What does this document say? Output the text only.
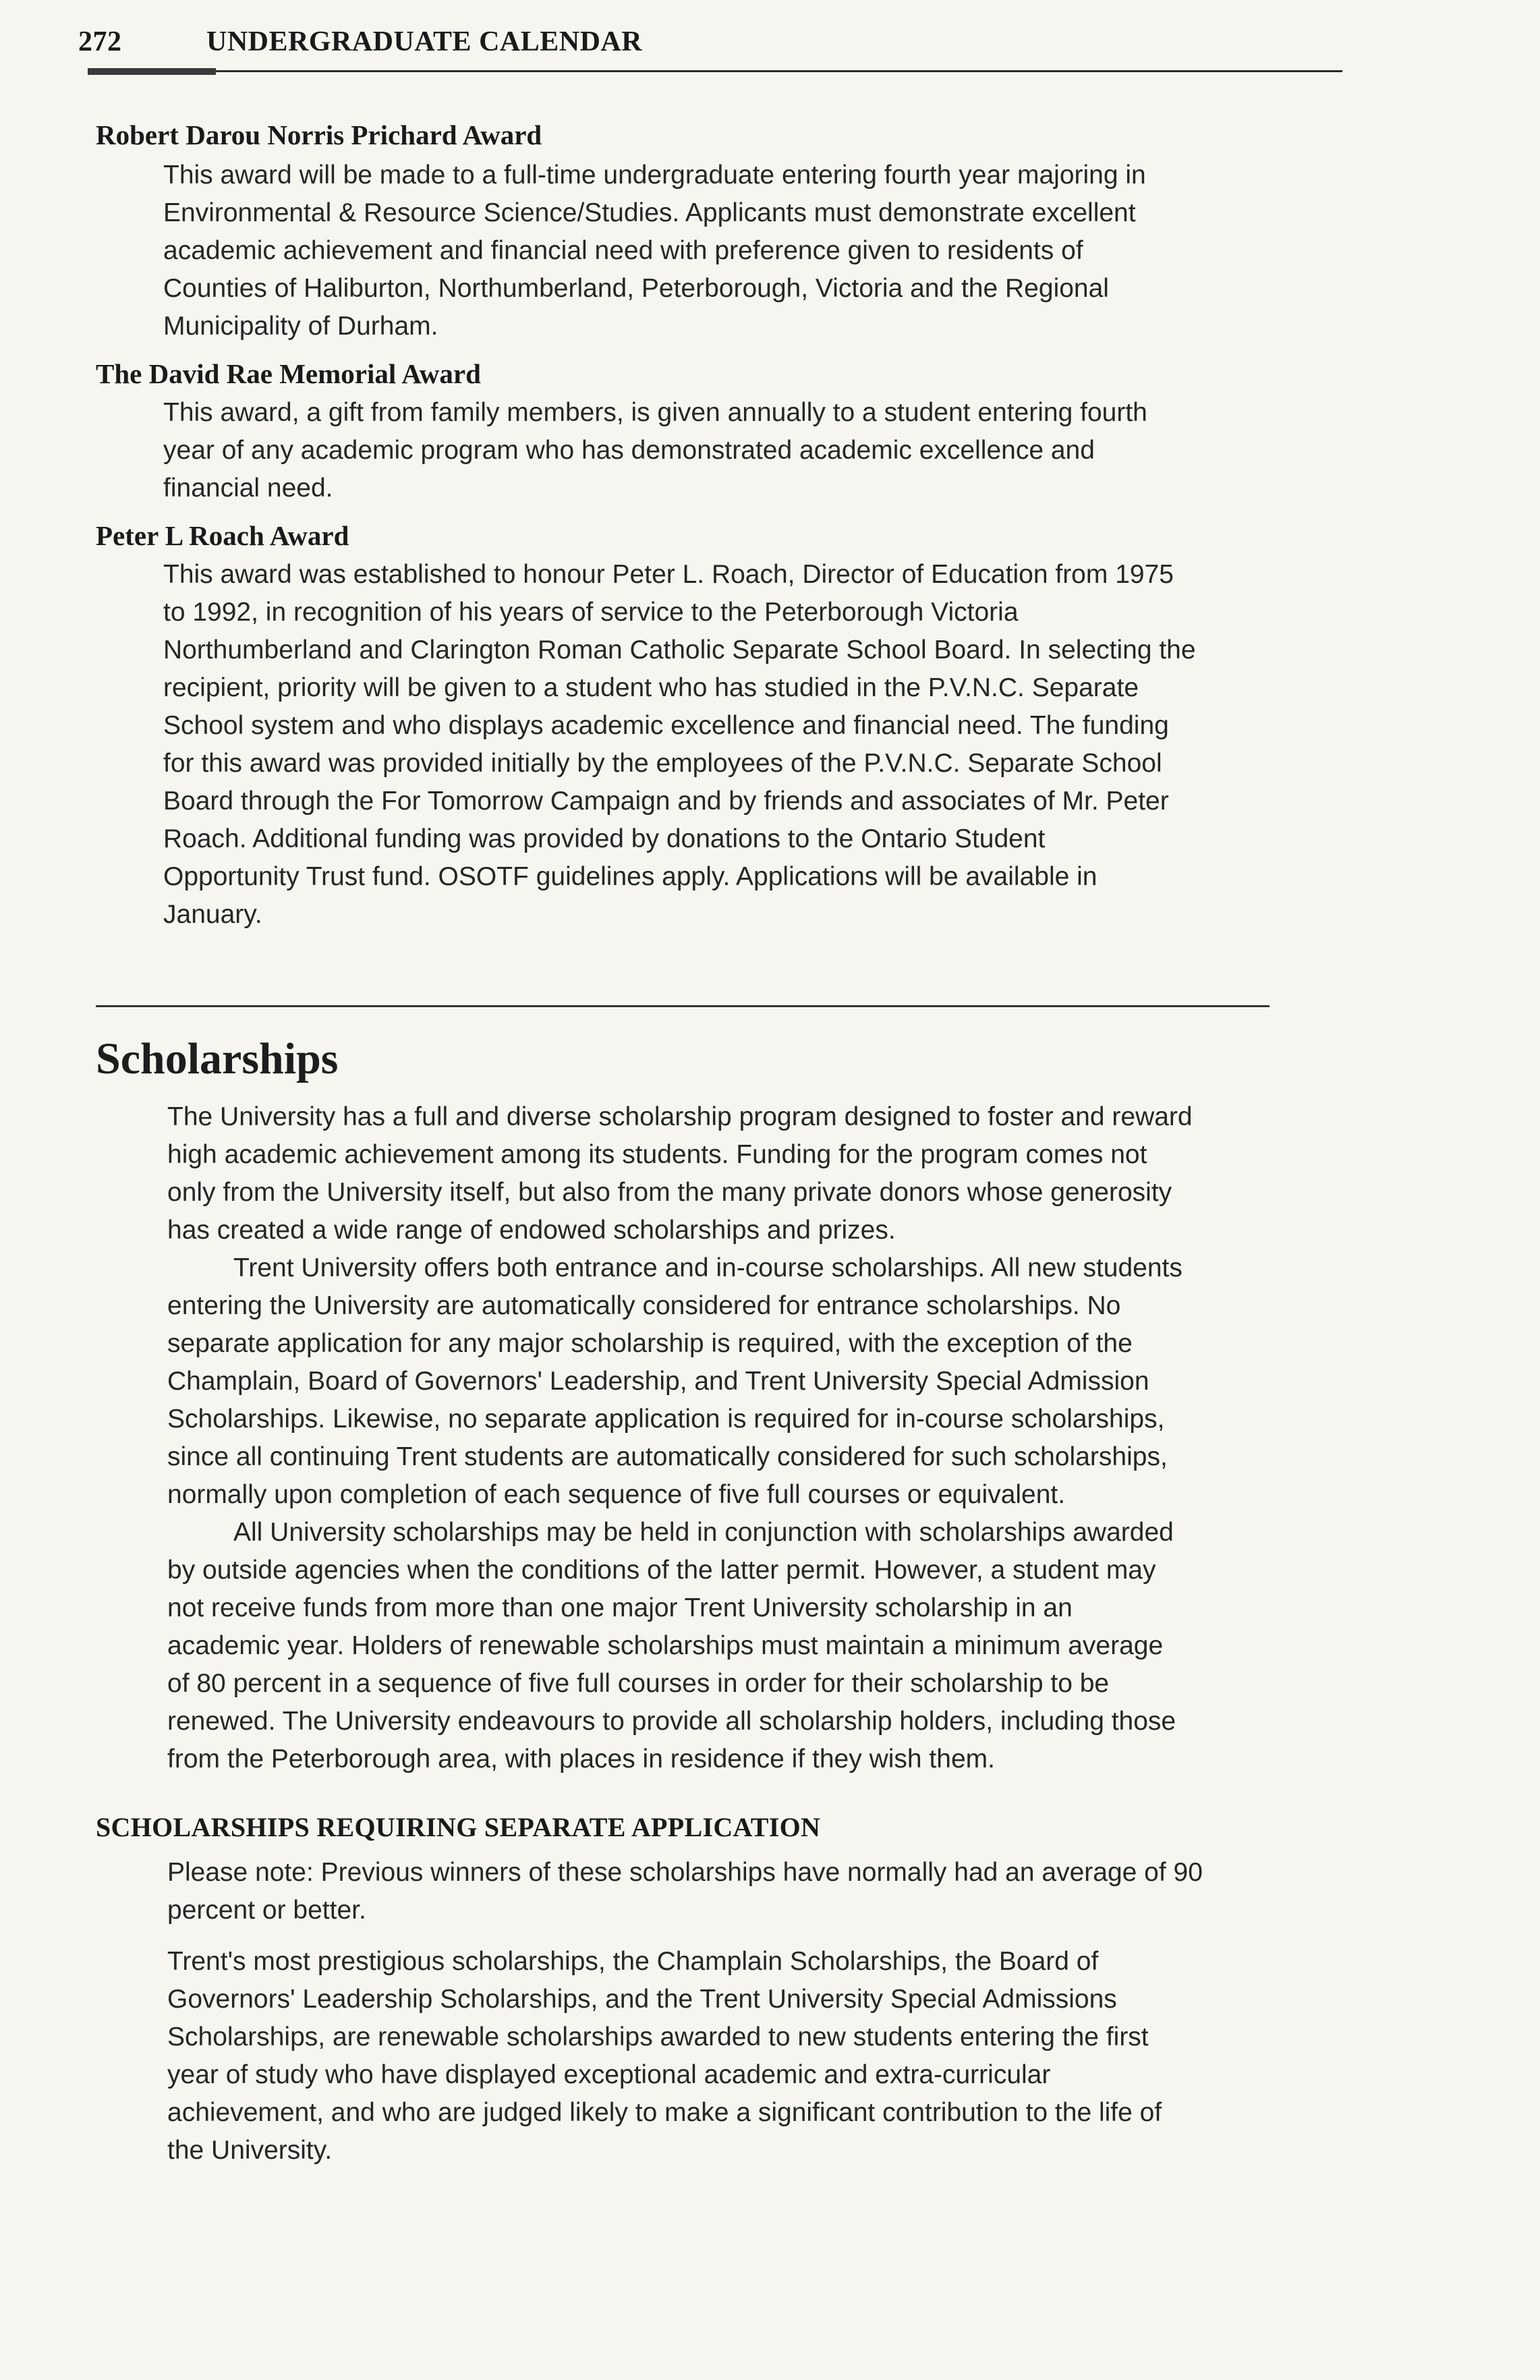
272	UNDERGRADUATE CALENDAR
Robert Darou Norris Prichard Award
This award will be made to a full-time undergraduate entering fourth year majoring in
Environmental & Resource Science/Studies. Applicants must demonstrate excellent
academic achievement and financial need with preference given to residents of
Counties of Haliburton, Northumberland, Peterborough, Victoria and the Regional
Municipality of Durham.
The David Rae Memorial Award
This award, a gift from family members, is given annually to a student entering fourth
year of any academic program who has demonstrated academic excellence and
financial need.
Peter L Roach Award
This award was established to honour Peter L. Roach, Director of Education from 1975
to 1992, in recognition of his years of service to the Peterborough Victoria
Northumberland and Clarington Roman Catholic Separate School Board. In selecting the
recipient, priority will be given to a student who has studied in the P.V.N.C. Separate
School system and who displays academic excellence and financial need. The funding
for this award was provided initially by the employees of the P.V.N.C. Separate School
Board through the For Tomorrow Campaign and by friends and associates of Mr. Peter
Roach. Additional funding was provided by donations to the Ontario Student
Opportunity Trust fund. OSOTF guidelines apply. Applications will be available in
January.
Scholarships
The University has a full and diverse scholarship program designed to foster and reward
high academic achievement among its students. Funding for the program comes not
only from the University itself, but also from the many private donors whose generosity
has created a wide range of endowed scholarships and prizes.
Trent University offers both entrance and in-course scholarships. All new students
entering the University are automatically considered for entrance scholarships. No
separate application for any major scholarship is required, with the exception of the
Champlain, Board of Governors' Leadership, and Trent University Special Admission
Scholarships. Likewise, no separate application is required for in-course scholarships,
since all continuing Trent students are automatically considered for such scholarships,
normally upon completion of each sequence of five full courses or equivalent.
All University scholarships may be held in conjunction with scholarships awarded
by outside agencies when the conditions of the latter permit. However, a student may
not receive funds from more than one major Trent University scholarship in an
academic year. Holders of renewable scholarships must maintain a minimum average
of 80 percent in a sequence of five full courses in order for their scholarship to be
renewed. The University endeavours to provide all scholarship holders, including those
from the Peterborough area, with places in residence if they wish them.
SCHOLARSHIPS REQUIRING SEPARATE APPLICATION
Please note: Previous winners of these scholarships have normally had an average of 90
percent or better.
Trent's most prestigious scholarships, the Champlain Scholarships, the Board of
Governors' Leadership Scholarships, and the Trent University Special Admissions
Scholarships, are renewable scholarships awarded to new students entering the first
year of study who have displayed exceptional academic and extra-curricular
achievement, and who are judged likely to make a significant contribution to the life of
the University.
